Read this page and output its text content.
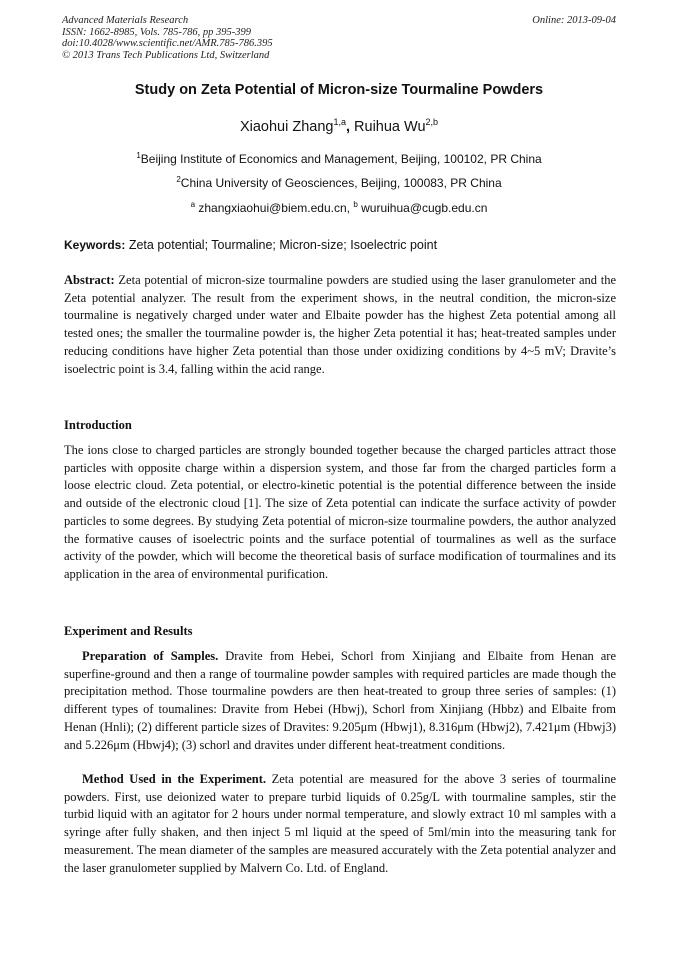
Advanced Materials Research
ISSN: 1662-8985, Vols. 785-786, pp 395-399
doi:10.4028/www.scientific.net/AMR.785-786.395
© 2013 Trans Tech Publications Ltd, Switzerland
Online: 2013-09-04
Study on Zeta Potential of Micron-size Tourmaline Powders
Xiaohui Zhang$^{1,a}$, Ruihua Wu$^{2,b}$
$^1$Beijing Institute of Economics and Management, Beijing, 100102, PR China
$^2$China University of Geosciences, Beijing, 100083, PR China
$^a$ zhangxiaohui@biem.edu.cn, $^b$ wuruihua@cugb.edu.cn
Keywords: Zeta potential; Tourmaline; Micron-size; Isoelectric point

Abstract: Zeta potential of micron-size tourmaline powders are studied using the laser granulometer and the Zeta potential analyzer. The result from the experiment shows, in the neutral condition, the micron-size tourmaline is negatively charged under water and Elbaite powder has the highest Zeta potential among all tested ones; the smaller the tourmaline powder is, the higher Zeta potential it has; heat-treated samples under reducing conditions have higher Zeta potential than those under oxidizing conditions by 4~5 mV; Dravite’s isoelectric point is 3.4, falling within the acid range.

Introduction

The ions close to charged particles are strongly bounded together because the charged particles attract those particles with opposite charge within a dispersion system, and those far from the charged particles form a loose electric cloud. Zeta potential, or electro-kinetic potential is the potential difference between the inside and outside of the electronic cloud [1]. The size of Zeta potential can indicate the surface activity of powder particles to some degrees. By studying Zeta potential of micron-size tourmaline powders, the author analyzed the formative causes of isoelectric points and the surface potential of tourmalines as well as the surface activity of the powder, which will become the theoretical basis of surface modification of tourmalines and its application in the area of environmental purification.

Experiment and Results

Preparation of Samples. Dravite from Hebei, Schorl from Xinjiang and Elbaite from Henan are superfine-ground and then a range of tourmaline powder samples with required particles are made though the precipitation method. Those tourmaline powders are then heat-treated to group three series of samples: (1) different types of toumalines: Dravite from Hebei (Hbwj), Schorl from Xinjiang (Hbbz) and Elbaite from Henan (Hnli); (2) different particle sizes of Dravites: 9.205μm (Hbwj1), 8.316μm (Hbwj2), 7.421μm (Hbwj3) and 5.226μm (Hbwj4); (3) schorl and dravites under different heat-treatment conditions.

Method Used in the Experiment. Zeta potential are measured for the above 3 series of tourmaline powders. First, use deionized water to prepare turbid liquids of 0.25g/L with tourmaline samples, stir the turbid liquid with an agitator for 2 hours under normal temperature, and slowly extract 10 ml samples with a syringe after fully shaken, and then inject 5 ml liquid at the speed of 5ml/min into the measuring tank for measurement. The mean diameter of the samples are measured accurately with the Zeta potential analyzer and the laser granulometer supplied by Malvern Co. Ltd. of England.
